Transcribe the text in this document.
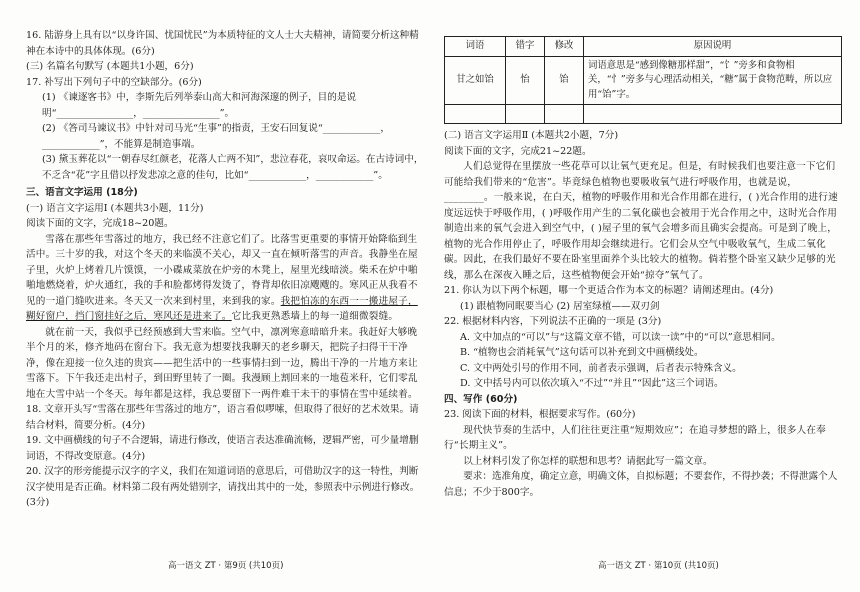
16. 陆游身上具有以“以身许国、忧国忧民”为本质特征的文人士大夫精神，请简要分析这种精神在本诗中的具体体现。(6分)

(三) 名篇名句默写 (本题共1小题，6分)

17. 补写出下列句子中的空缺部分。(6分)

(1) 《谏逐客书》中，李斯先后列举泰山高大和河海深邃的例子，目的是说明“________________，________________”。

(2) 《答司马谏议书》中针对司马光“生事”的指责，王安石回复说“____________，____________”，不能算是制造事端。

(3) 黛玉葬花以“一朝春尽红颜老，花落人亡两不知”，悲泣春花，哀叹命运。在古诗词中，不乏含“花”字且借以抒发悲凉之意的佳句，比如“____________，____________”。

三、语言文字运用 (18分)

(一) 语言文字运用Ⅰ (本题共3小题，11分)

阅读下面的文字，完成18~20题。

雪落在那些年雪落过的地方，我已经不注意它们了。比落雪更重要的事情开始降临到生活中。三十岁的我，对这个冬天的来临漠不关心，却又一直在倾听落雪的声音。我静坐在屋子里，火炉上烤着几片馍馍，一小碟咸菜放在炉旁的木凳上，屋里光线暗淡。柴禾在炉中啪啪地燃烧着，炉火通红，我的手和脸都烤得发烫了，脊背却依旧凉飕飕的。寒风正从我看不见的一道门缝吹进来。冬天又一次来到村里，来到我的家。我把怕冻的东西一一搬进屋子，糊好窗户，挡门窗挂好之后，寒风还是进来了。它比我更熟悉墙上的每一道细微裂缝。

就在前一天，我似乎已经预感到大雪来临。空气中，凛冽寒意暗暗升来。我赶好大够晚半个月的米，修齐地码在窗台下。我无意为想要找我聊天的老乡聊天，把院子扫得干干净净，像在迎接一位久违的贵宾——把生活中的一些事情扫到一边，腾出干净的一片地方来让雪落下。下午我还走出村子，到田野里转了一圈。我漫顾上割回来的一地苞米秆，它们零乱地在大雪中站一个冬天。每年都是这样，我总要留下一两件难干未干的事情在雪中延续着。

18. 文章开头写“雪落在那些年雪落过的地方”，语言看似啰嗦，但取得了很好的艺术效果。请结合材料，简要分析。(4分)

19. 文中画横线的句子不合逻辑，请进行修改，使语言表达准确流畅，逻辑严密，可少量增删词语，不得改变原意。(4分)

20. 汉字的形旁能提示汉字的字义，我们在知道词语的意思后，可借助汉字的这一特性，判断汉字使用是否正确。材料第二段有两处错别字，请找出其中的一处，参照表中示例进行修改。(3分)

词语	错字	修改	原因说明
甘之如饴	怡	饴	词语意思是“感到像糖那样甜”，“饣”旁多和食物相关，“忄”旁多与心理活动相关，“糖”属于食物范畴，所以应用“饴”字。

(二) 语言文字运用Ⅱ (本题共2小题，7分)

阅读下面的文字，完成21~22题。

人们总觉得在里摆放一些花草可以让氧气更充足。但是，有时候我们也要注意一下它们可能给我们带来的“危害”。毕竟绿色植物也要吸收氧气进行呼吸作用，也就是说，________。一般来说，在白天，植物的呼吸作用和光合作用都在进行，( )光合作用的进行速度远远快于呼吸作用，( )呼吸作用产生的二氧化碳也会被用于光合作用之中，这时光合作用制造出来的氧气会进入到空气中，( )屋子里的氧气会增多而且确实会提高。可是到了晚上，植物的光合作用停止了，呼吸作用却会继续进行。它们会从空气中吸收氧气，生成二氧化碳。因此，在我们最好不要在卧室里面养个头比较大的植物。倘若整个卧室又缺少足够的光线，那么在深夜入睡之后，这些植物便会开始“掠夺”氧气了。

21. 你认为以下两个标题，哪一个更适合作为本文的标题？请阐述理由。(4分)

(1) 跟植物同眠要当心 (2) 居室绿植——双刃剑

22. 根据材料内容，下列说法不正确的一项是 (3分)

A. 文中加点的“可以”与“这篇文章不错，可以读一读”中的“可以”意思相同。

B. “植物也会消耗氧气”这句话可以补充到文中画横线处。

C. 文中两处引号的作用不同，前者表示强调，后者表示特殊含义。

D. 文中括号内可以依次填入“不过”“并且”“因此”这三个词语。

四、写作 (60分)

23. 阅读下面的材料，根据要求写作。(60分)

现代快节奏的生活中，人们往往更注重“短期效应”；在追寻梦想的路上，很多人在奉行“长期主义”。

以上材料引发了你怎样的联想和思考？请据此写一篇文章。

要求：选准角度，确定立意，明确文体，自拟标题；不要套作，不得抄袭；不得泄露个人信息；不少于800字。

高一语文 ZT · 第9页 (共10页)	高一语文 ZT · 第10页 (共10页)
